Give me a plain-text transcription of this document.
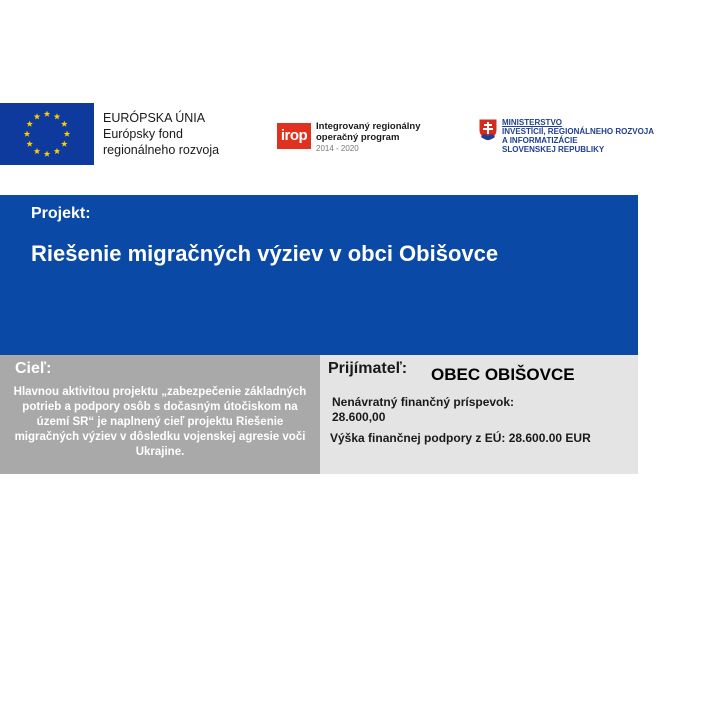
EURÓPSKA ÚNIA
Európsky fond
regionálneho rozvoja
irop
Integrovaný regionálny
operačný program
2014 - 2020
MINISTERSTVO
INVESTÍCIÍ, REGIONÁLNEHO ROZVOJA
A INFORMATIZÁCIE
SLOVENSKEJ REPUBLIKY
Projekt:
Riešenie migračných výziev v obci Obišovce
Cieľ:
Hlavnou aktivitou projektu „zabezpečenie základných potrieb a podpory osôb s dočasným útočiskom na území SR“ je naplnený cieľ projektu Riešenie migračných výziev v dôsledku vojenskej agresie voči Ukrajine.
Prijímateľ: OBEC OBIŠOVCE
Nenávratný finančný príspevok:
28.600,00
Výška finančnej podpory z EÚ: 28.600.00 EUR
